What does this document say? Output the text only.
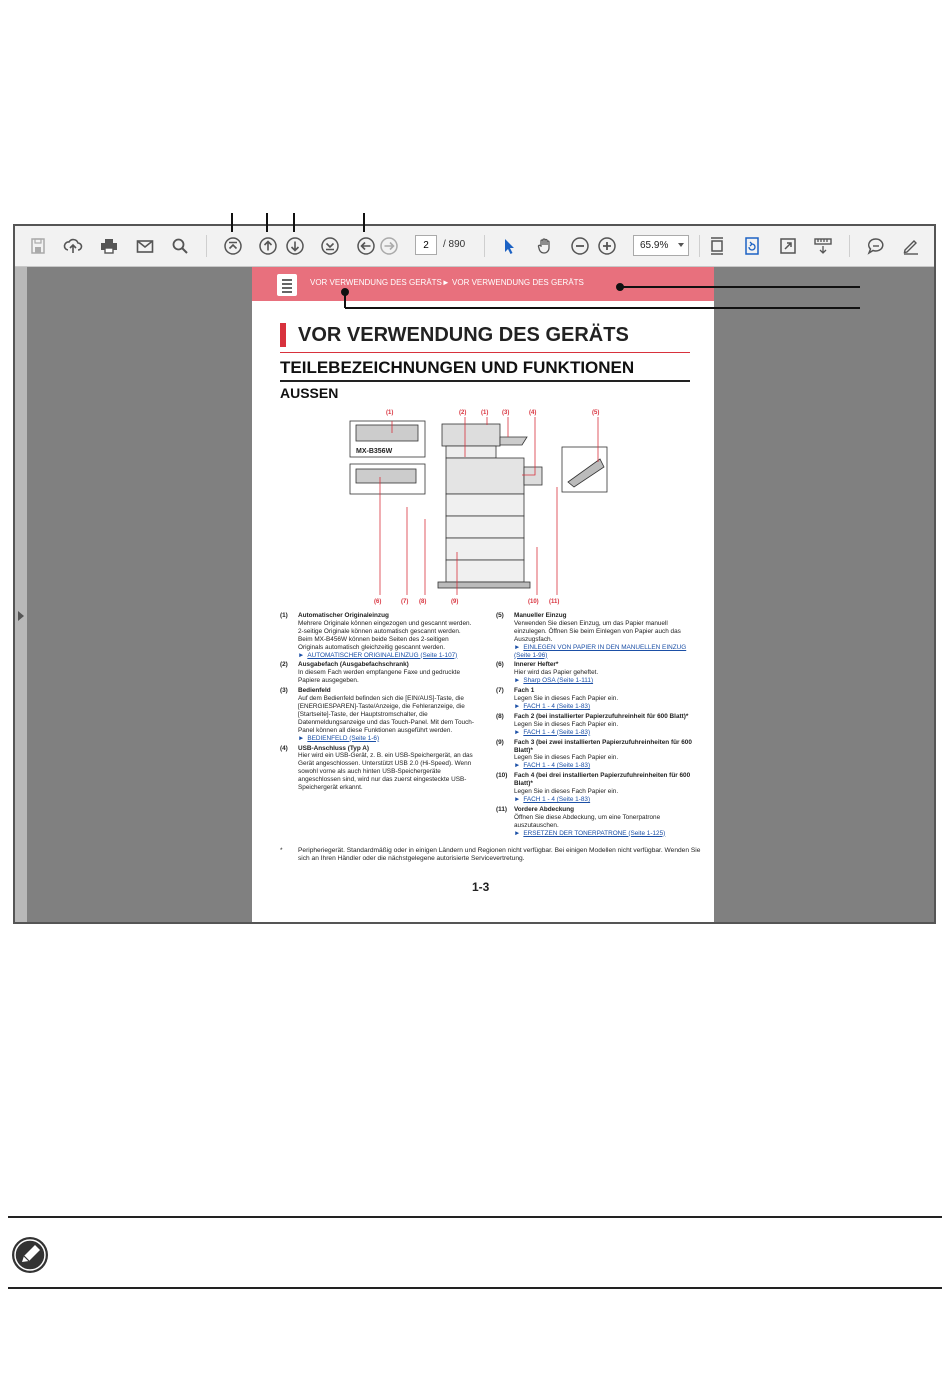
2	/ 890	65.9%
VOR VERWENDUNG DES GERÄTS► VOR VERWENDUNG DES GERÄTS
VOR VERWENDUNG DES GERÄTS
TEILEBEZEICHNUNGEN UND FUNKTIONEN
AUSSEN
(1)	(2) (1) (3)	(4)	(5)
(6)	(7) (8)	(9)	(10) (11)
MX-B356W
(1)	Automatischer Originaleinzug
Mehrere Originale können eingezogen und gescannt werden. 2-seitige Originale können automatisch gescannt werden. Beim MX-B456W können beide Seiten des 2-seitigen Originals automatisch gleichzeitig gescannt werden.
► AUTOMATISCHER ORIGINALEINZUG (Seite 1-107)
(2)	Ausgabefach (Ausgabefachschrank)
In diesem Fach werden empfangene Faxe und gedruckte Papiere ausgegeben.
(3)	Bedienfeld
Auf dem Bedienfeld befinden sich die [EIN/AUS]-Taste, die [ENERGIESPAREN]-Taste/Anzeige, die Fehleranzeige, die [Startseite]-Taste, der Hauptstromschalter, die Datenmeldungsanzeige und das Touch-Panel. Mit dem Touch-Panel können all diese Funktionen ausgeführt werden.
► BEDIENFELD (Seite 1-6)
(4)	USB-Anschluss (Typ A)
Hier wird ein USB-Gerät, z. B. ein USB-Speichergerät, an das Gerät angeschlossen. Unterstützt USB 2.0 (Hi-Speed). Wenn sowohl vorne als auch hinten USB-Speichergeräte angeschlossen sind, wird nur das zuerst eingesteckte USB-Speichergerät erkannt.
(5)	Manueller Einzug
Verwenden Sie diesen Einzug, um das Papier manuell einzulegen. Öffnen Sie beim Einlegen von Papier auch das Auszugsfach.
► EINLEGEN VON PAPIER IN DEN MANUELLEN EINZUG (Seite 1-96)
(6)	Innerer Hefter*
Hier wird das Papier geheftet.
► Sharp OSA (Seite 1-111)
(7)	Fach 1
Legen Sie in dieses Fach Papier ein.
► FACH 1 - 4 (Seite 1-83)
(8)	Fach 2 (bei installierter Papierzufuhreinheit für 600 Blatt)*
Legen Sie in dieses Fach Papier ein.
► FACH 1 - 4 (Seite 1-83)
(9)	Fach 3 (bei zwei installierten Papierzufuhreinheiten für 600 Blatt)*
Legen Sie in dieses Fach Papier ein.
► FACH 1 - 4 (Seite 1-83)
(10)	Fach 4 (bei drei installierten Papierzufuhreinheiten für 600 Blatt)*
Legen Sie in dieses Fach Papier ein.
► FACH 1 - 4 (Seite 1-83)
(11)	Vordere Abdeckung
Öffnen Sie diese Abdeckung, um eine Tonerpatrone auszutauschen.
► ERSETZEN DER TONERPATRONE (Seite 1-125)
*	Peripheriegerät. Standardmäßig oder in einigen Ländern und Regionen nicht verfügbar. Bei einigen Modellen nicht verfügbar. Wenden Sie sich an Ihren Händler oder die nächstgelegene autorisierte Servicevertretung.
1-3
